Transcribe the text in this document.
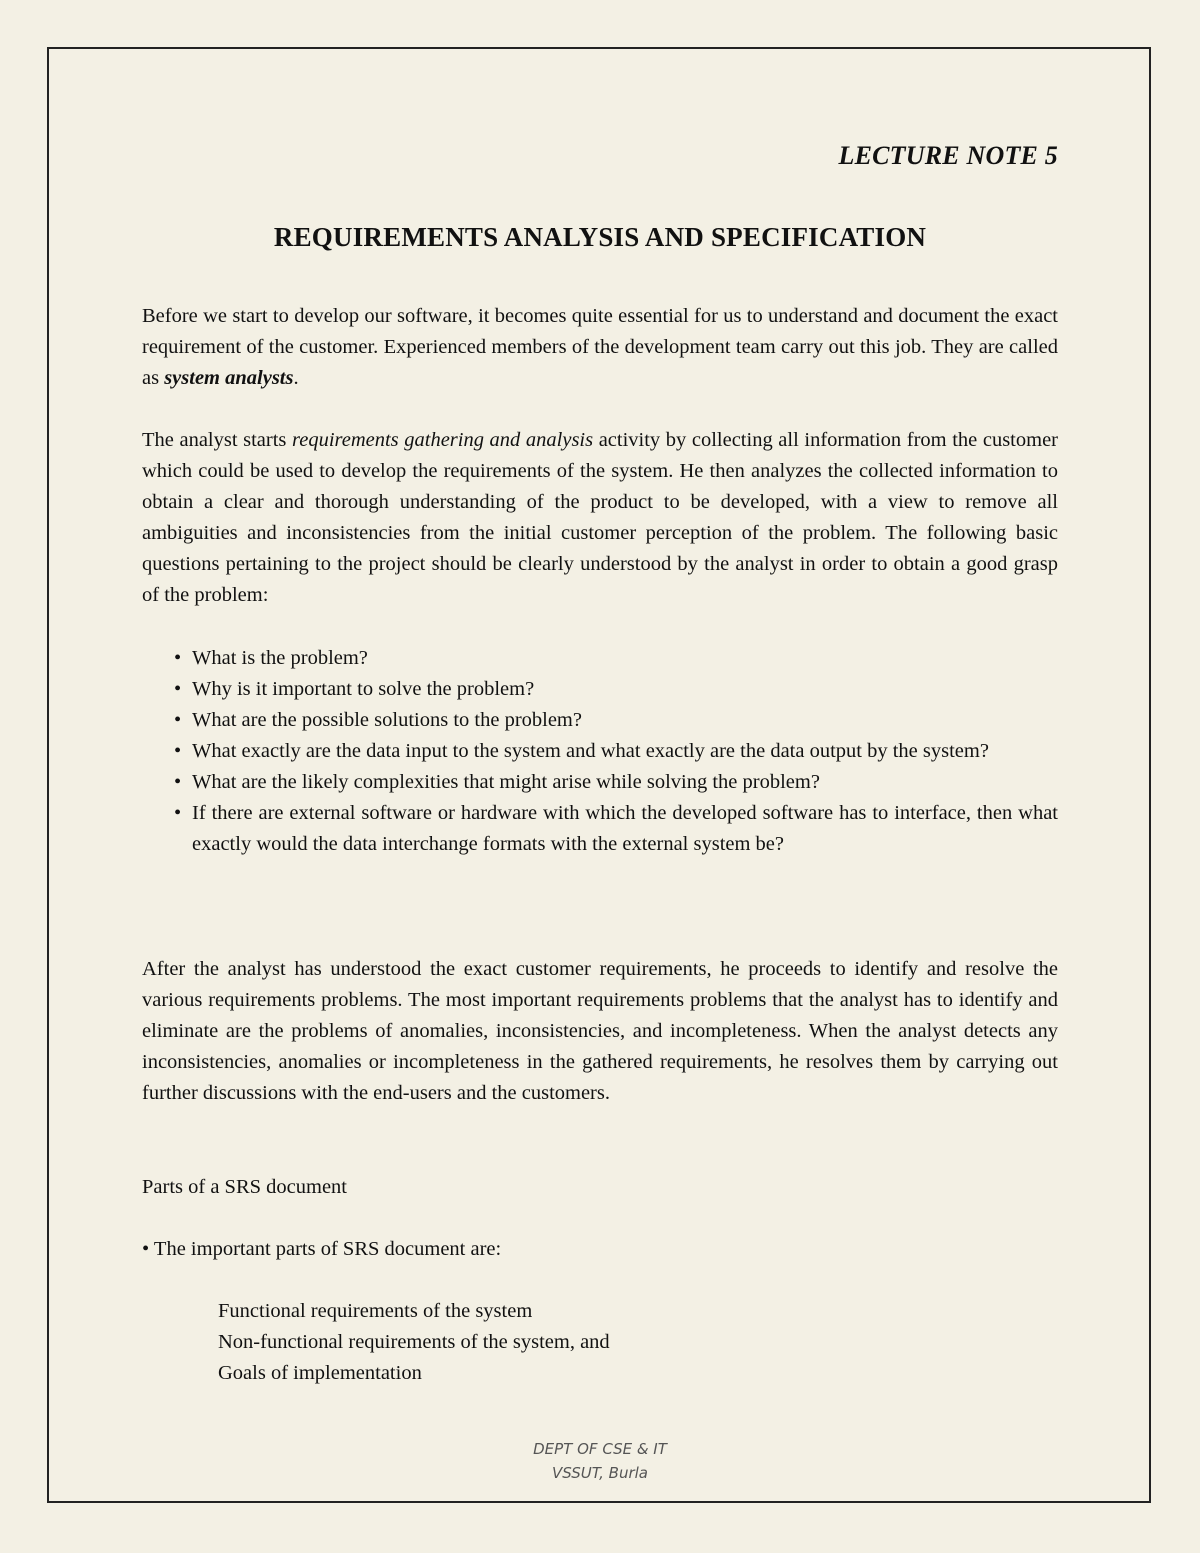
LECTURE NOTE 5
REQUIREMENTS ANALYSIS AND SPECIFICATION

Before we start to develop our software, it becomes quite essential for us to understand and document the exact requirement of the customer. Experienced members of the development team carry out this job. They are called as system analysts.

The analyst starts requirements gathering and analysis activity by collecting all information from the customer which could be used to develop the requirements of the system. He then analyzes the collected information to obtain a clear and thorough understanding of the product to be developed, with a view to remove all ambiguities and inconsistencies from the initial customer perception of the problem. The following basic questions pertaining to the project should be clearly understood by the analyst in order to obtain a good grasp of the problem:

• What is the problem?
• Why is it important to solve the problem?
• What are the possible solutions to the problem?
• What exactly are the data input to the system and what exactly are the data output by the system?
• What are the likely complexities that might arise while solving the problem?
• If there are external software or hardware with which the developed software has to interface, then what exactly would the data interchange formats with the external system be?

After the analyst has understood the exact customer requirements, he proceeds to identify and resolve the various requirements problems. The most important requirements problems that the analyst has to identify and eliminate are the problems of anomalies, inconsistencies, and incompleteness. When the analyst detects any inconsistencies, anomalies or incompleteness in the gathered requirements, he resolves them by carrying out further discussions with the end-users and the customers.

Parts of a SRS document
• The important parts of SRS document are:
Functional requirements of the system
Non-functional requirements of the system, and
Goals of implementation
DEPT OF CSE & IT
VSSUT, Burla
